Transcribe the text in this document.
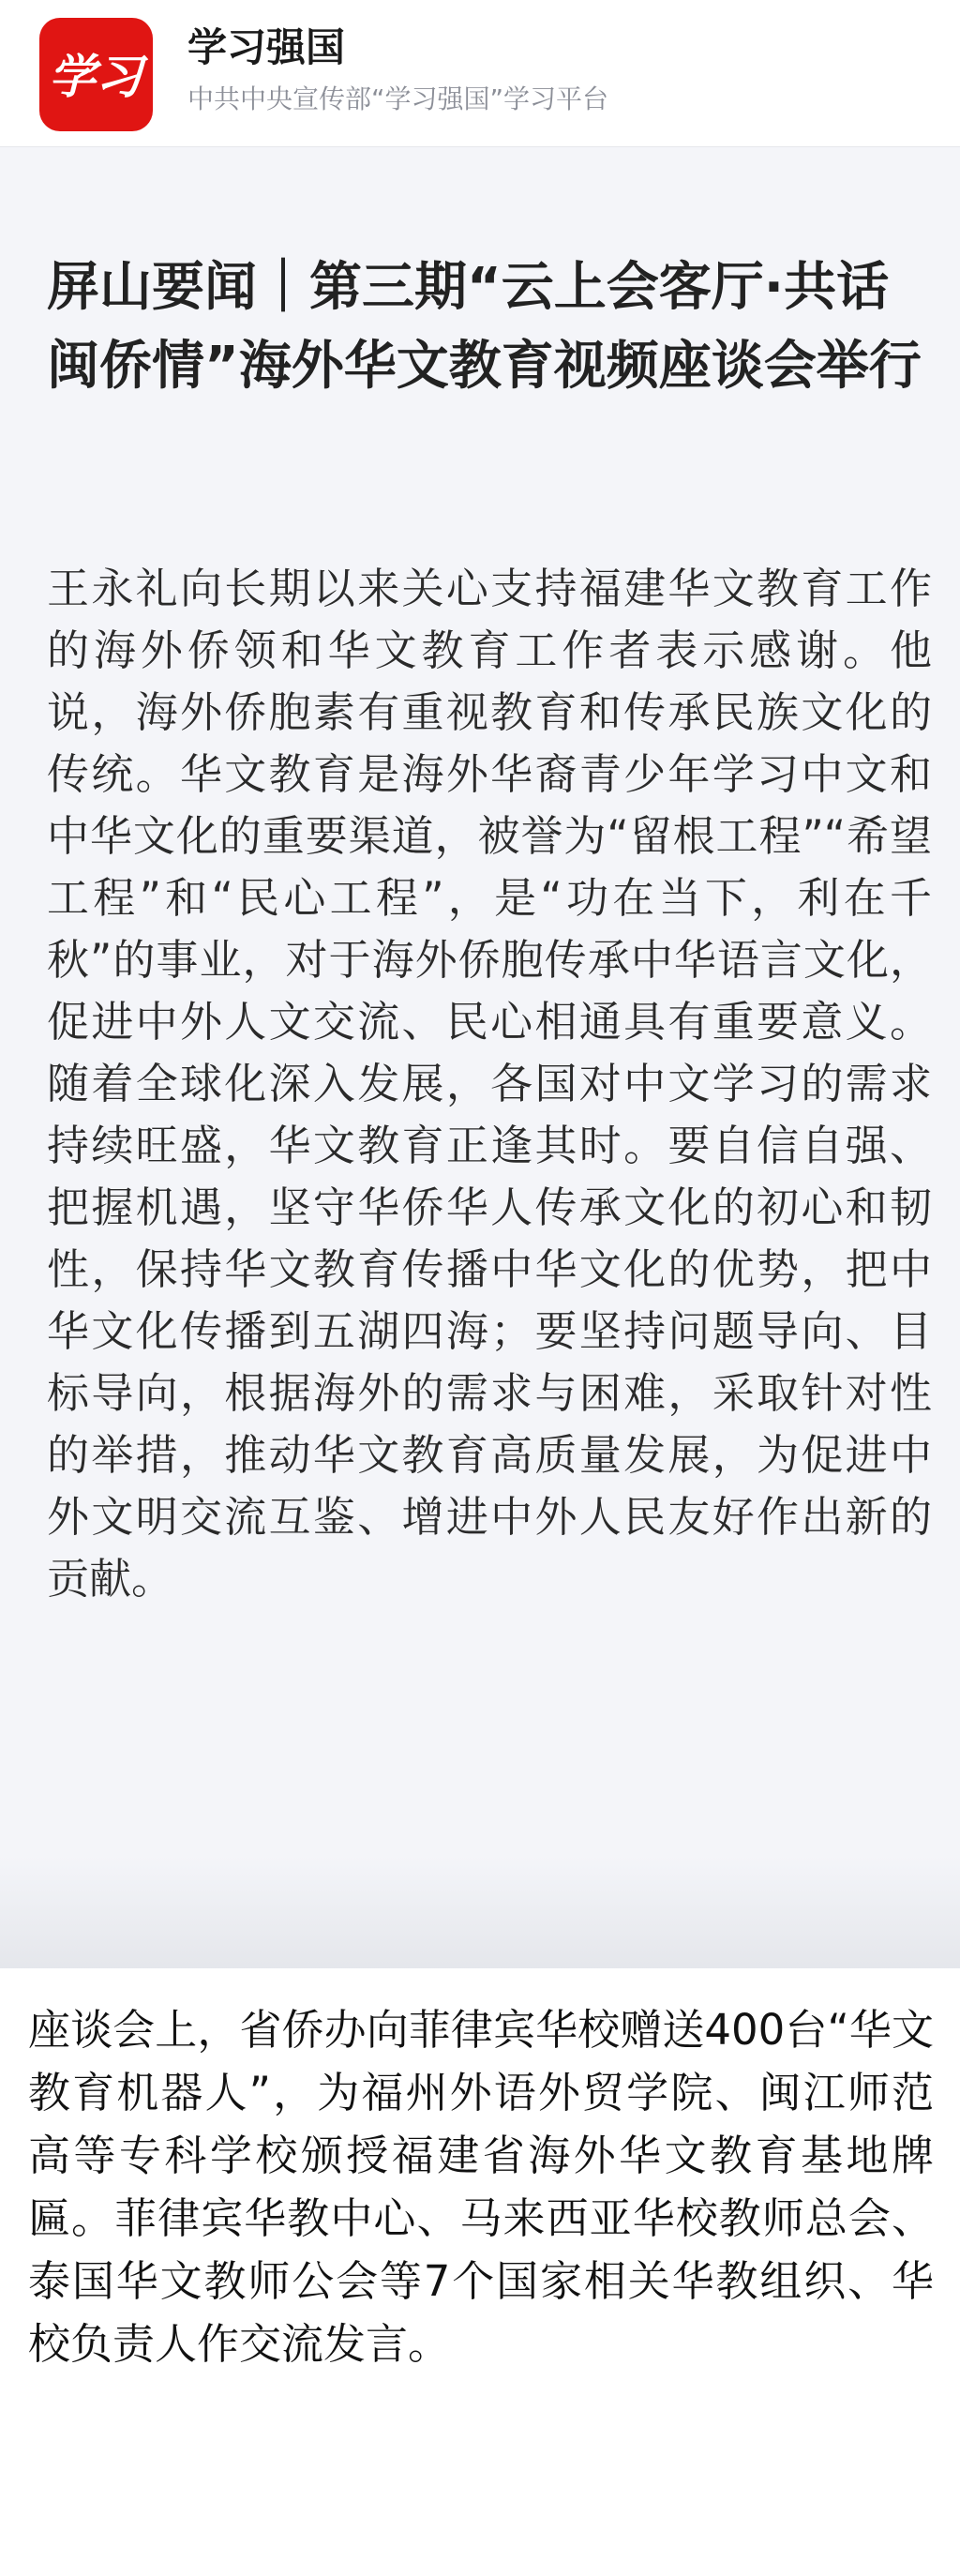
学习
学习强国
中共中央宣传部“学习强国”学习平台
屏山要闻｜第三期“云上会客厅·共话闽侨情”海外华文教育视频座谈会举行

王永礼向长期以来关心支持福建华文教育工作的海外侨领和华文教育工作者表示感谢。他说，海外侨胞素有重视教育和传承民族文化的传统。华文教育是海外华裔青少年学习中文和中华文化的重要渠道，被誉为“留根工程”“希望工程”和“民心工程”，是“功在当下，利在千秋”的事业，对于海外侨胞传承中华语言文化，促进中外人文交流、民心相通具有重要意义。随着全球化深入发展，各国对中文学习的需求持续旺盛，华文教育正逢其时。要自信自强、把握机遇，坚守华侨华人传承文化的初心和韧性，保持华文教育传播中华文化的优势，把中华文化传播到五湖四海；要坚持问题导向、目标导向，根据海外的需求与困难，采取针对性的举措，推动华文教育高质量发展，为促进中外文明交流互鉴、增进中外人民友好作出新的贡献。

座谈会上，省侨办向菲律宾华校赠送400台“华文教育机器人”，为福州外语外贸学院、闽江师范高等专科学校颁授福建省海外华文教育基地牌匾。菲律宾华教中心、马来西亚华校教师总会、泰国华文教师公会等7个国家相关华教组织、华校负责人作交流发言。
